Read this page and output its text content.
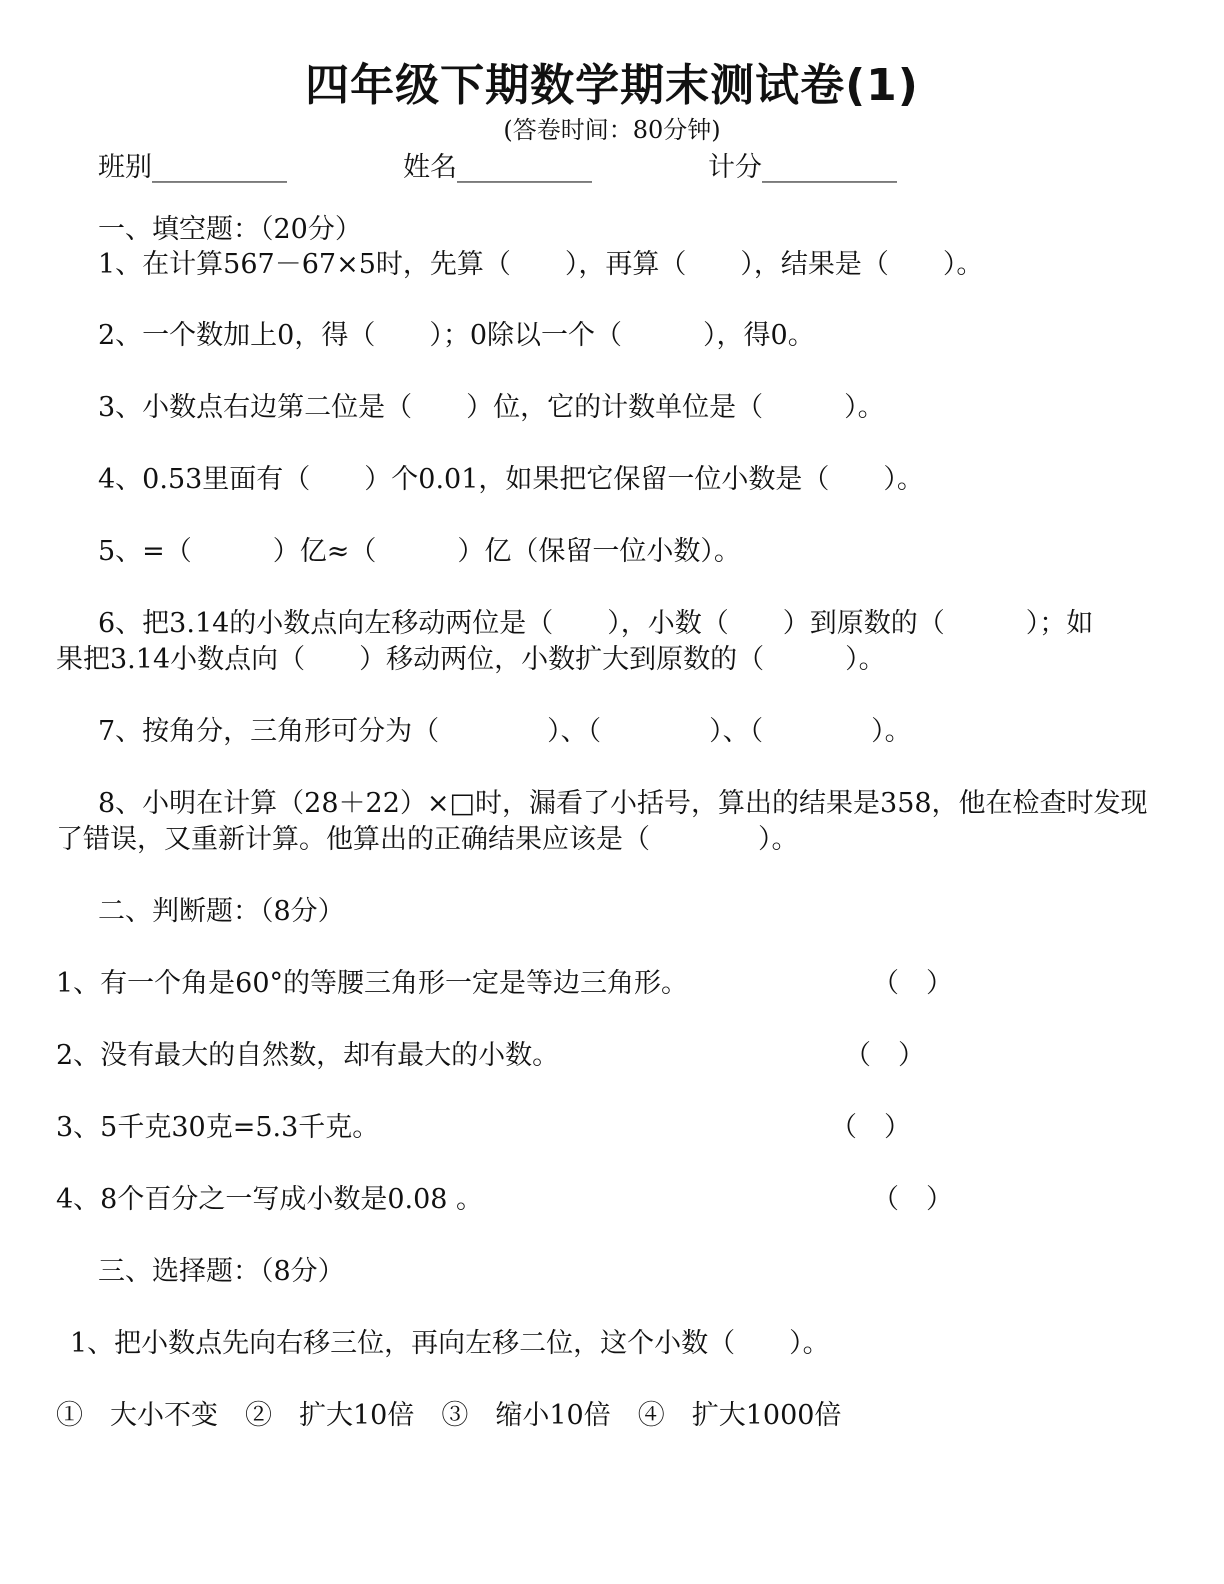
四年级下期数学期末测试卷(1)
(答卷时间：80分钟)
班别__________	姓名__________	计分__________
一、填空题：（20分）
1、在计算567－67×5时，先算（　　），再算（　　），结果是（　　）。
2、一个数加上0，得（　　）；0除以一个（　　　），得0。
3、小数点右边第二位是（　　）位，它的计数单位是（　　　）。
4、0.53里面有（　　）个0.01，如果把它保留一位小数是（　　）。
5、=（　　　）亿≈（　　　）亿（保留一位小数）。
6、把3.14的小数点向左移动两位是（　　），小数（　　）到原数的（　　　）；如
果把3.14小数点向（　　）移动两位，小数扩大到原数的（　　　）。
7、按角分，三角形可分为（　　　　）、（　　　　）、（　　　　）。
8、小明在计算（28＋22）×□时，漏看了小括号，算出的结果是358，他在检查时发现
了错误，又重新计算。他算出的正确结果应该是（　　　　）。
二、判断题：（8分）
1、有一个角是60°的等腰三角形一定是等边三角形。	（　）
2、没有最大的自然数，却有最大的小数。	（　）
3、5千克30克=5.3千克。	（　）
4、8个百分之一写成小数是0.08 。	（　）
三、选择题：（8分）
1、把小数点先向右移三位，再向左移二位，这个小数（　　）。
①　大小不变　②　扩大10倍　③　缩小10倍　④　扩大1000倍
